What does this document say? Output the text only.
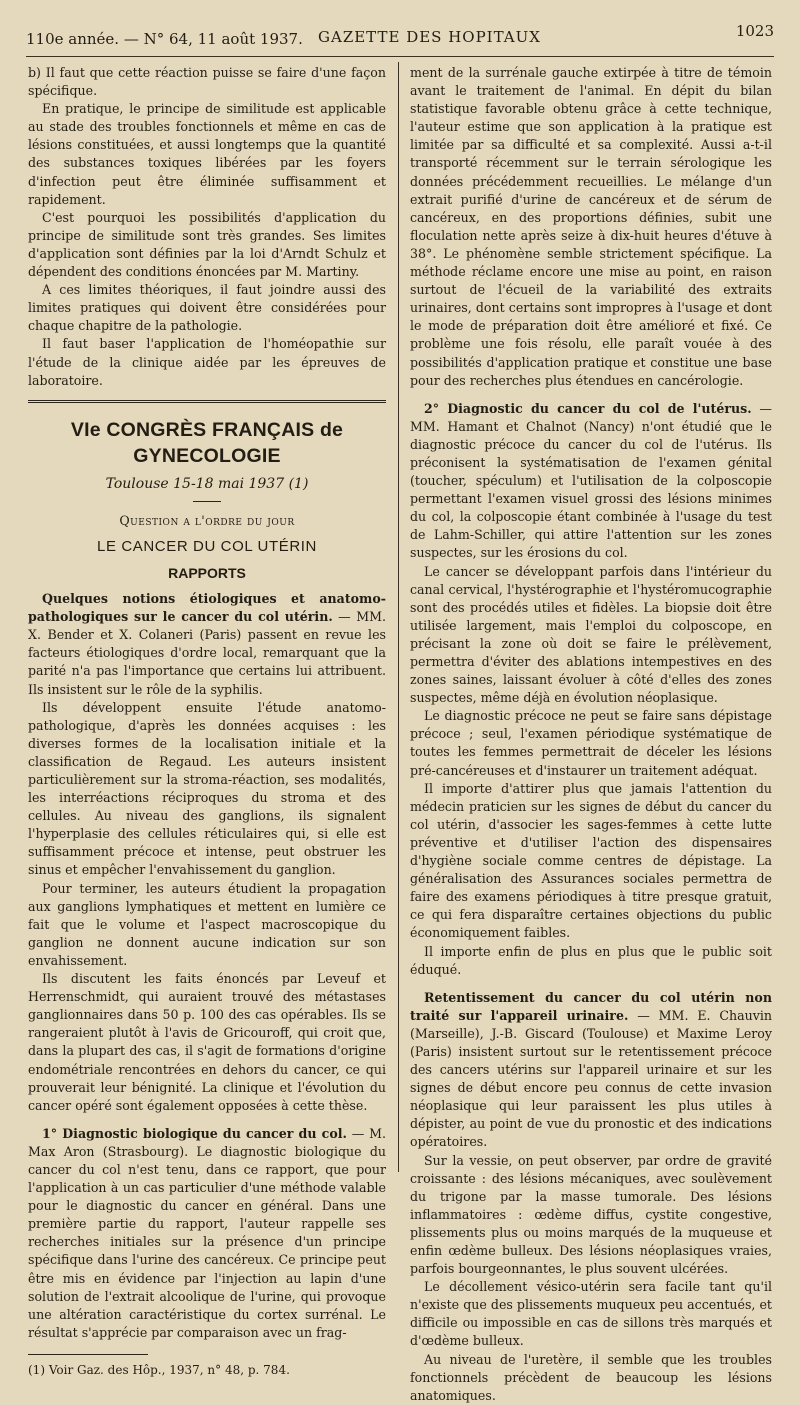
110e année. — N° 64, 11 août 1937. GAZETTE DES HOPITAUX	1023

b) Il faut que cette réaction puisse se faire d'une façon spécifique.

En pratique, le principe de similitude est applicable au stade des troubles fonctionnels et même en cas de lésions constituées, et aussi longtemps que la quantité des substances toxiques libérées par les foyers d'infection peut être éliminée suffisamment et rapidement.

C'est pourquoi les possibilités d'application du principe de similitude sont très grandes. Ses limites d'application sont définies par la loi d'Arndt Schulz et dépendent des conditions énoncées par M. Martiny.

A ces limites théoriques, il faut joindre aussi des limites pratiques qui doivent être considérées pour chaque chapitre de la pathologie.

Il faut baser l'application de l'homéopathie sur l'étude de la clinique aidée par les épreuves de laboratoire.

VIe CONGRÈS FRANÇAIS de GYNECOLOGIE
Toulouse 15-18 mai 1937 (1)
Question a l'ordre du jour
LE CANCER DU COL UTÉRIN
RAPPORTS

Quelques notions étiologiques et anatomo-pathologiques sur le cancer du col utérin. — MM. X. Bender et X. Colaneri (Paris) passent en revue les facteurs étiologiques d'ordre local, remarquant que la parité n'a pas l'importance que certains lui attribuent. Ils insistent sur le rôle de la syphilis.

Ils développent ensuite l'étude anatomo-pathologique, d'après les données acquises : les diverses formes de la localisation initiale et la classification de Regaud. Les auteurs insistent particulièrement sur la stroma-réaction, ses modalités, les interréactions réciproques du stroma et des cellules. Au niveau des ganglions, ils signalent l'hyperplasie des cellules réticulaires qui, si elle est suffisamment précoce et intense, peut obstruer les sinus et empêcher l'envahissement du ganglion.

Pour terminer, les auteurs étudient la propagation aux ganglions lymphatiques et mettent en lumière ce fait que le volume et l'aspect macroscopique du ganglion ne donnent aucune indication sur son envahissement.

Ils discutent les faits énoncés par Leveuf et Herrenschmidt, qui auraient trouvé des métastases ganglionnaires dans 50 p. 100 des cas opérables. Ils se rangeraient plutôt à l'avis de Gricouroff, qui croit que, dans la plupart des cas, il s'agit de formations d'origine endométriale rencontrées en dehors du cancer, ce qui prouverait leur bénignité. La clinique et l'évolution du cancer opéré sont également opposées à cette thèse.

1° Diagnostic biologique du cancer du col. — M. Max Aron (Strasbourg). Le diagnostic biologique du cancer du col n'est tenu, dans ce rapport, que pour l'application à un cas particulier d'une méthode valable pour le diagnostic du cancer en général. Dans une première partie du rapport, l'auteur rappelle ses recherches initiales sur la présence d'un principe spécifique dans l'urine des cancéreux. Ce principe peut être mis en évidence par l'injection au lapin d'une solution de l'extrait alcoolique de l'urine, qui provoque une altération caractéristique du cortex surrénal. Le résultat s'apprécie par comparaison avec un frag-

(1) Voir Gaz. des Hôp., 1937, n° 48, p. 784.

ment de la surrénale gauche extirpée à titre de témoin avant le traitement de l'animal. En dépit du bilan statistique favorable obtenu grâce à cette technique, l'auteur estime que son application à la pratique est limitée par sa difficulté et sa complexité. Aussi a-t-il transporté récemment sur le terrain sérologique les données précédemment recueillies. Le mélange d'un extrait purifié d'urine de cancéreux et de sérum de cancéreux, en des proportions définies, subit une floculation nette après seize à dix-huit heures d'étuve à 38°. Le phénomène semble strictement spécifique. La méthode réclame encore une mise au point, en raison surtout de l'écueil de la variabilité des extraits urinaires, dont certains sont impropres à l'usage et dont le mode de préparation doit être amélioré et fixé. Ce problème une fois résolu, elle paraît vouée à des possibilités d'application pratique et constitue une base pour des recherches plus étendues en cancérologie.

2° Diagnostic du cancer du col de l'utérus. — MM. Hamant et Chalnot (Nancy) n'ont étudié que le diagnostic précoce du cancer du col de l'utérus. Ils préconisent la systématisation de l'examen génital (toucher, spéculum) et l'utilisation de la colposcopie permettant l'examen visuel grossi des lésions minimes du col, la colposcopie étant combinée à l'usage du test de Lahm-Schiller, qui attire l'attention sur les zones suspectes, sur les érosions du col.

Le cancer se développant parfois dans l'intérieur du canal cervical, l'hystérographie et l'hystéromucographie sont des procédés utiles et fidèles. La biopsie doit être utilisée largement, mais l'emploi du colposcope, en précisant la zone où doit se faire le prélèvement, permettra d'éviter des ablations intempestives en des zones saines, laissant évoluer à côté d'elles des zones suspectes, même déjà en évolution néoplasique.

Le diagnostic précoce ne peut se faire sans dépistage précoce ; seul, l'examen périodique systématique de toutes les femmes permettrait de déceler les lésions pré-cancéreuses et d'instaurer un traitement adéquat.

Il importe d'attirer plus que jamais l'attention du médecin praticien sur les signes de début du cancer du col utérin, d'associer les sages-femmes à cette lutte préventive et d'utiliser l'action des dispensaires d'hygiène sociale comme centres de dépistage. La généralisation des Assurances sociales permettra de faire des examens périodiques à titre presque gratuit, ce qui fera disparaître certaines objections du public économiquement faibles.

Il importe enfin de plus en plus que le public soit éduqué.

Retentissement du cancer du col utérin non traité sur l'appareil urinaire. — MM. E. Chauvin (Marseille), J.-B. Giscard (Toulouse) et Maxime Leroy (Paris) insistent surtout sur le retentissement précoce des cancers utérins sur l'appareil urinaire et sur les signes de début encore peu connus de cette invasion néoplasique qui leur paraissent les plus utiles à dépister, au point de vue du pronostic et des indications opératoires.

Sur la vessie, on peut observer, par ordre de gravité croissante : des lésions mécaniques, avec soulèvement du trigone par la masse tumorale. Des lésions inflammatoires : œdème diffus, cystite congestive, plissements plus ou moins marqués de la muqueuse et enfin œdème bulleux. Des lésions néoplasiques vraies, parfois bourgeonnantes, le plus souvent ulcérées.

Le décollement vésico-utérin sera facile tant qu'il n'existe que des plissements muqueux peu accentués, et difficile ou impossible en cas de sillons très marqués et d'œdème bulleux.

Au niveau de l'uretère, il semble que les troubles fonctionnels précèdent de beaucoup les lésions anatomiques.
